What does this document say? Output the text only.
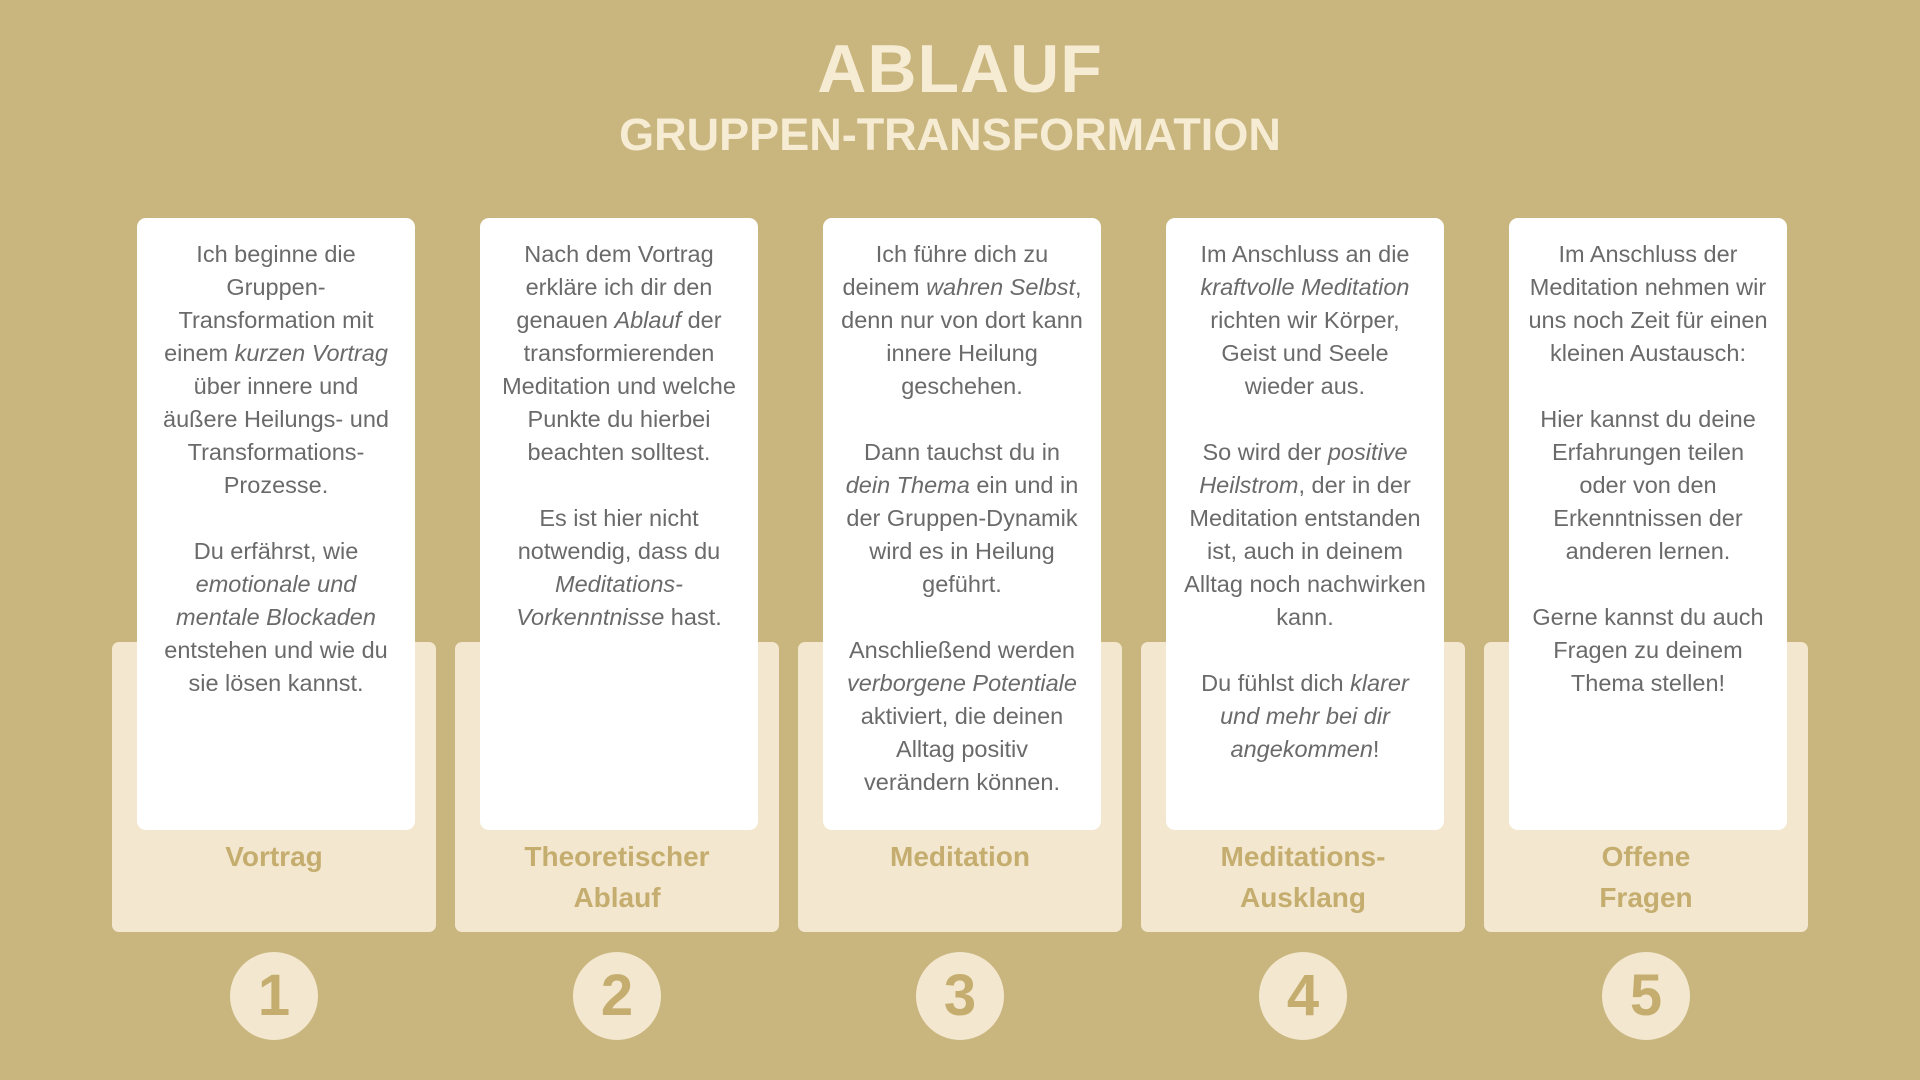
ABLAUF
GRUPPEN-TRANSFORMATION

Ich beginne die Gruppen-Transformation mit einem kurzen Vortrag über innere und äußere Heilungs- und Transformations-Prozesse.

Du erfährst, wie emotionale und mentale Blockaden entstehen und wie du sie lösen kannst.

Vortrag
1

Nach dem Vortrag erkläre ich dir den genauen Ablauf der transformierenden Meditation und welche Punkte du hierbei beachten solltest.

Es ist hier nicht notwendig, dass du Meditations-Vorkenntnisse hast.

Theoretischer
Ablauf
2

Ich führe dich zu deinem wahren Selbst, denn nur von dort kann innere Heilung geschehen.

Dann tauchst du in dein Thema ein und in der Gruppen-Dynamik wird es in Heilung geführt.

Anschließend werden verborgene Potentiale aktiviert, die deinen Alltag positiv verändern können.

Meditation
3

Im Anschluss an die kraftvolle Meditation richten wir Körper, Geist und Seele wieder aus.

So wird der positive Heilstrom, der in der Meditation entstanden ist, auch in deinem Alltag noch nachwirken kann.

Du fühlst dich klarer und mehr bei dir angekommen!

Meditations-
Ausklang
4

Im Anschluss der Meditation nehmen wir uns noch Zeit für einen kleinen Austausch:

Hier kannst du deine Erfahrungen teilen oder von den Erkenntnissen der anderen lernen.

Gerne kannst du auch Fragen zu deinem Thema stellen!

Offene
Fragen
5
